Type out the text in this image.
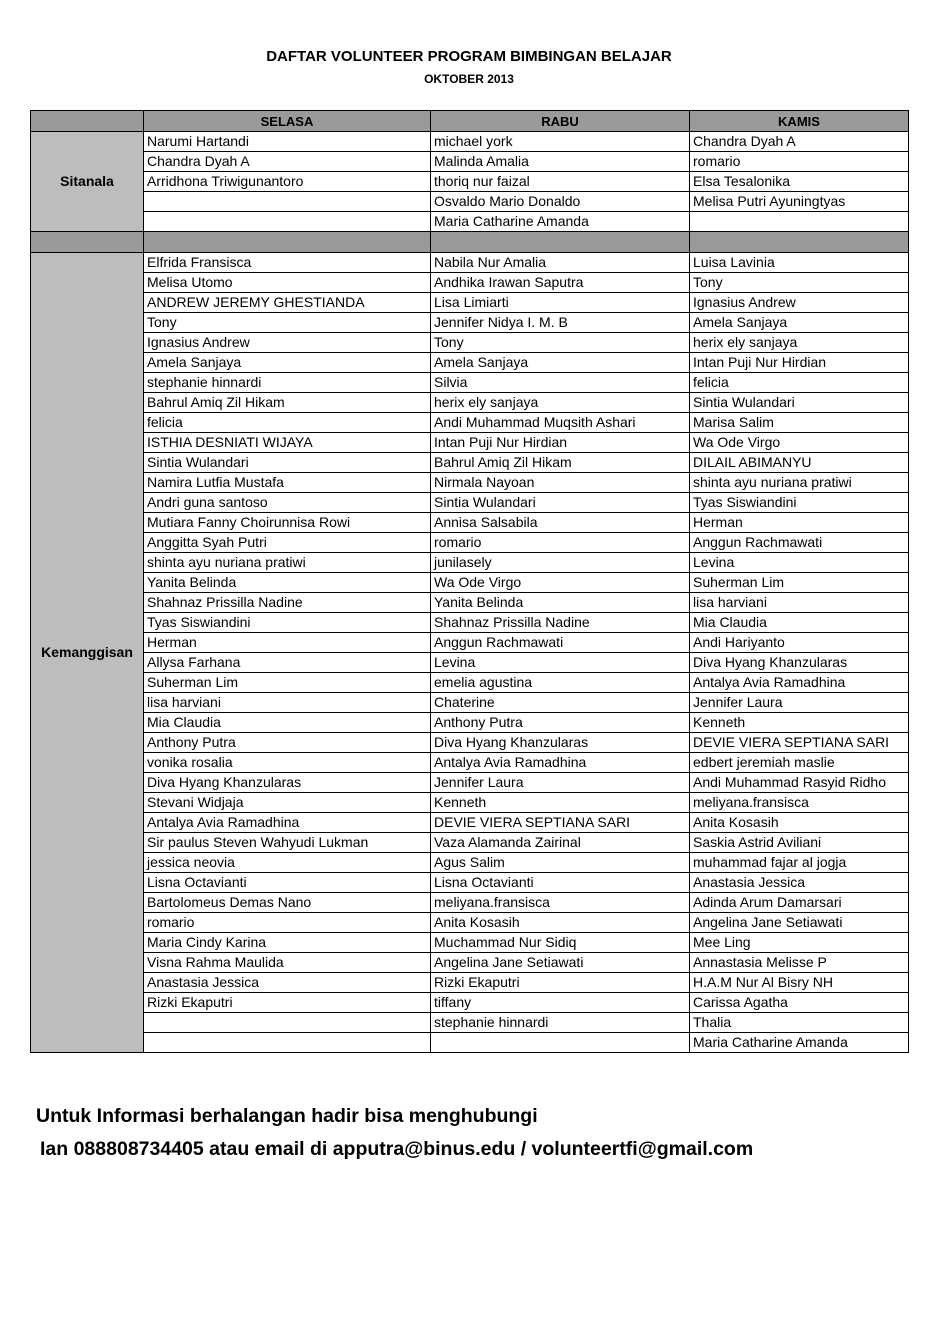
DAFTAR VOLUNTEER PROGRAM BIMBINGAN BELAJAR
OKTOBER 2013
	SELASA	RABU	KAMIS
Sitanala	Narumi Hartandi	michael york	Chandra Dyah A
	Chandra Dyah A	Malinda Amalia	romario
	Arridhona Triwigunantoro	thoriq nur faizal	Elsa Tesalonika
		Osvaldo Mario Donaldo	Melisa Putri Ayuningtyas
		Maria Catharine Amanda	

Kemanggisan	Elfrida Fransisca	Nabila Nur Amalia	Luisa Lavinia
	Melisa Utomo	Andhika Irawan Saputra	Tony
	ANDREW JEREMY GHESTIANDA	Lisa Limiarti	Ignasius Andrew
	Tony	Jennifer Nidya I. M. B	Amela Sanjaya
	Ignasius Andrew	Tony	herix ely sanjaya
	Amela Sanjaya	Amela Sanjaya	Intan Puji Nur Hirdian
	stephanie hinnardi	Silvia	felicia
	Bahrul Amiq Zil Hikam	herix ely sanjaya	Sintia Wulandari
	felicia	Andi Muhammad Muqsith Ashari	Marisa Salim
	ISTHIA DESNIATI WIJAYA	Intan Puji Nur Hirdian	Wa Ode Virgo
	Sintia Wulandari	Bahrul Amiq Zil Hikam	DILAIL ABIMANYU
	Namira Lutfia Mustafa	Nirmala Nayoan	shinta ayu nuriana pratiwi
	Andri guna santoso	Sintia Wulandari	Tyas Siswiandini
	Mutiara Fanny Choirunnisa Rowi	Annisa Salsabila	Herman
	Anggitta Syah Putri	romario	Anggun Rachmawati
	shinta ayu nuriana pratiwi	junilasely	Levina
	Yanita Belinda	Wa Ode Virgo	Suherman Lim
	Shahnaz Prissilla Nadine	Yanita Belinda	lisa harviani
	Tyas Siswiandini	Shahnaz Prissilla Nadine	Mia Claudia
	Herman	Anggun Rachmawati	Andi Hariyanto
	Allysa Farhana	Levina	Diva Hyang Khanzularas
	Suherman Lim	emelia agustina	Antalya Avia Ramadhina
	lisa harviani	Chaterine	Jennifer Laura
	Mia Claudia	Anthony Putra	Kenneth
	Anthony Putra	Diva Hyang Khanzularas	DEVIE VIERA SEPTIANA SARI
	vonika rosalia	Antalya Avia Ramadhina	edbert jeremiah maslie
	Diva Hyang Khanzularas	Jennifer Laura	Andi Muhammad Rasyid Ridho
	Stevani Widjaja	Kenneth	meliyana.fransisca
	Antalya Avia Ramadhina	DEVIE VIERA SEPTIANA SARI	Anita Kosasih
	Sir paulus Steven Wahyudi Lukman	Vaza Alamanda Zairinal	Saskia Astrid Aviliani
	jessica neovia	Agus Salim	muhammad fajar al jogja
	Lisna Octavianti	Lisna Octavianti	Anastasia Jessica
	Bartolomeus Demas Nano	meliyana.fransisca	Adinda Arum Damarsari
	romario	Anita Kosasih	Angelina Jane Setiawati
	Maria Cindy Karina	Muchammad Nur Sidiq	Mee Ling
	Visna Rahma Maulida	Angelina Jane Setiawati	Annastasia Melisse P
	Anastasia Jessica	Rizki Ekaputri	H.A.M Nur Al Bisry NH
	Rizki Ekaputri	tiffany	Carissa Agatha
		stephanie hinnardi	Thalia
			Maria Catharine Amanda
Untuk Informasi berhalangan hadir bisa menghubungi
Ian 088808734405 atau email di apputra@binus.edu / volunteertfi@gmail.com
